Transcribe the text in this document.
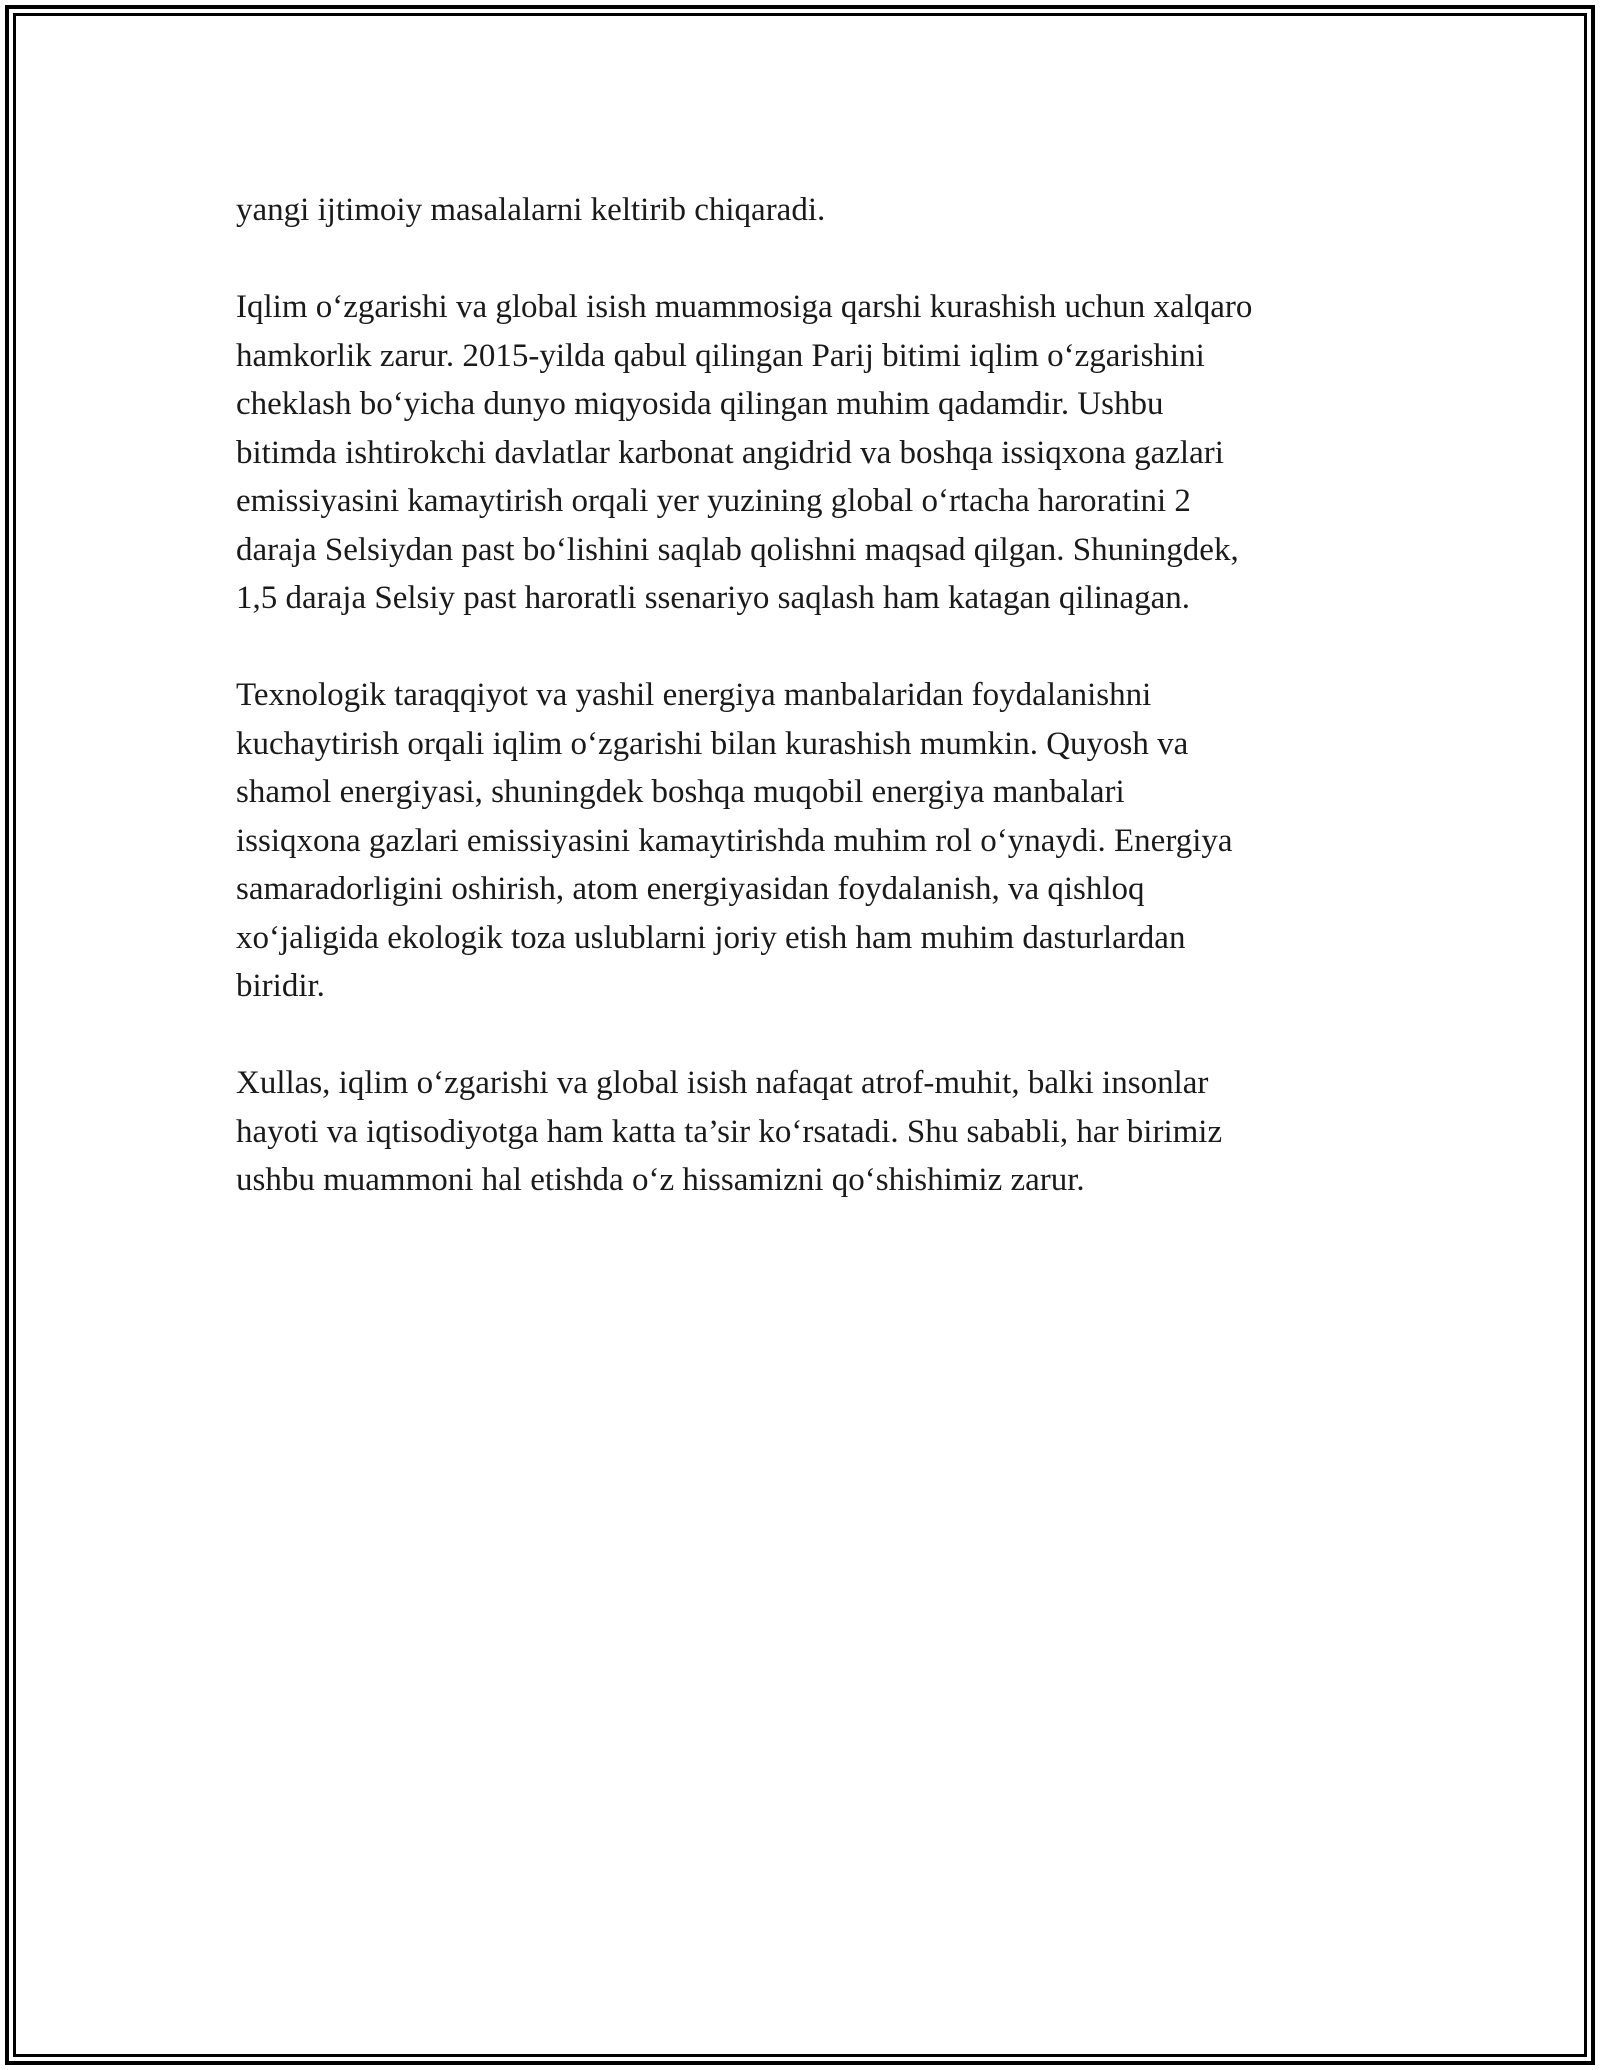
yangi ijtimoiy masalalarni keltirib chiqaradi.

Iqlim o‘zgarishi va global isish muammosiga qarshi kurashish uchun xalqaro
hamkorlik zarur. 2015-yilda qabul qilingan Parij bitimi iqlim o‘zgarishini
cheklash bo‘yicha dunyo miqyosida qilingan muhim qadamdir. Ushbu
bitimda ishtirokchi davlatlar karbonat angidrid va boshqa issiqxona gazlari
emissiyasini kamaytirish orqali yer yuzining global o‘rtacha haroratini 2
daraja Selsiydan past bo‘lishini saqlab qolishni maqsad qilgan. Shuningdek,
1,5 daraja Selsiy past haroratli ssenariyo saqlash ham katagan qilinagan.

Texnologik taraqqiyot va yashil energiya manbalaridan foydalanishni
kuchaytirish orqali iqlim o‘zgarishi bilan kurashish mumkin. Quyosh va
shamol energiyasi, shuningdek boshqa muqobil energiya manbalari
issiqxona gazlari emissiyasini kamaytirishda muhim rol o‘ynaydi. Energiya
samaradorligini oshirish, atom energiyasidan foydalanish, va qishloq
xo‘jaligida ekologik toza uslublarni joriy etish ham muhim dasturlardan
biridir.

Xullas, iqlim o‘zgarishi va global isish nafaqat atrof-muhit, balki insonlar
hayoti va iqtisodiyotga ham katta ta’sir ko‘rsatadi. Shu sababli, har birimiz
ushbu muammoni hal etishda o‘z hissamizni qo‘shishimiz zarur.
